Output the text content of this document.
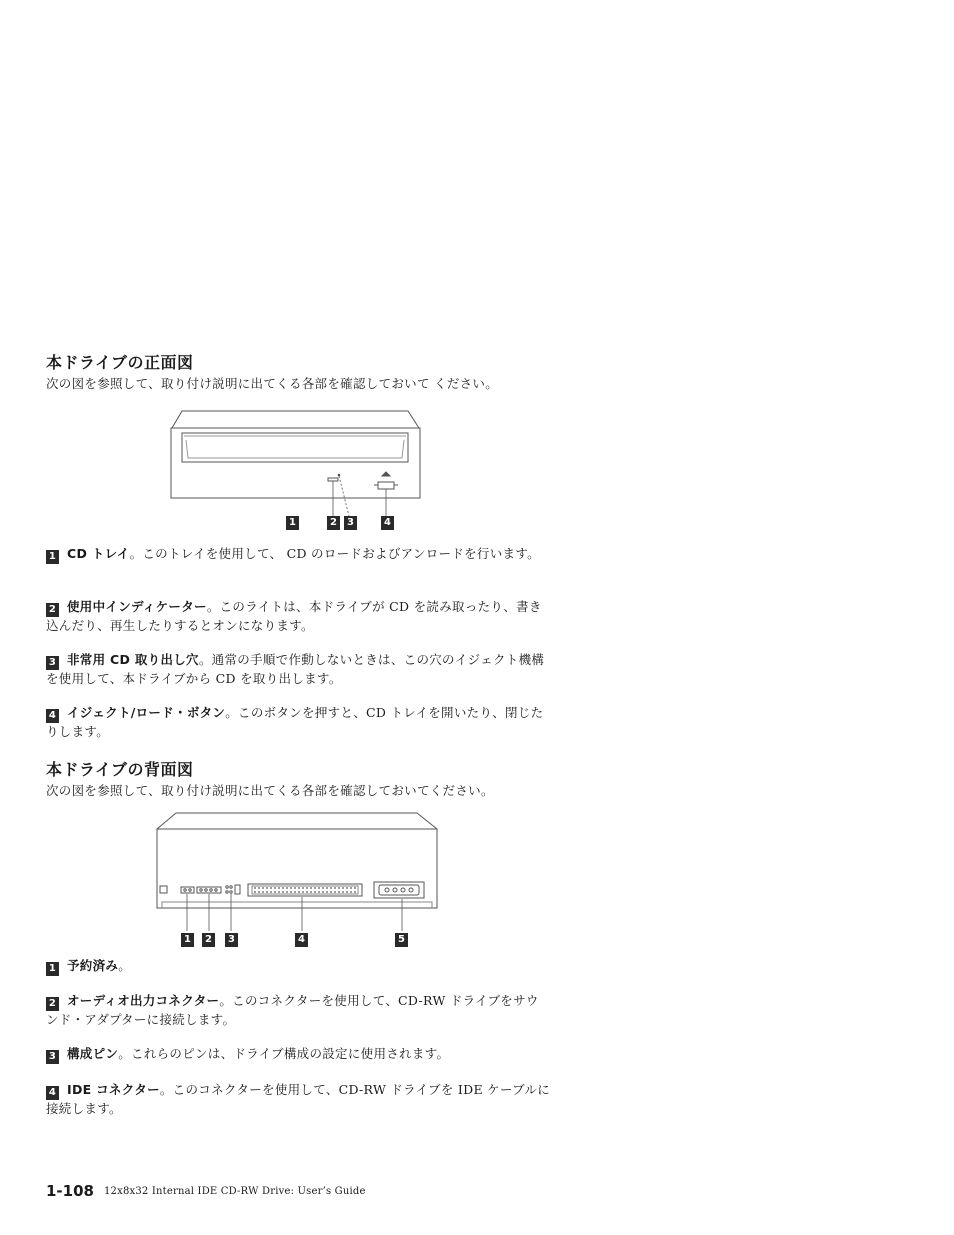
本ドライブの正面図
次の図を参照して、取り付け説明に出てくる各部を確認しておいて ください。
1	2	3	4
1 CD トレイ。このトレイを使用して、 CD のロードおよびアンロードを行います。
2 使用中インディケーター。このライトは、本ドライブが CD を読み取ったり、書き込んだり、再生したりするとオンになります。
3 非常用 CD 取り出し穴。通常の手順で作動しないときは、この穴のイジェクト機構を使用して、本ドライブから CD を取り出します。
4 イジェクト/ロード・ボタン。このボタンを押すと、CD トレイを開いたり、閉じたりします。
本ドライブの背面図
次の図を参照して、取り付け説明に出てくる各部を確認しておいてください。
1	2	3	4	5
1 予約済み。
2 オーディオ出力コネクター。このコネクターを使用して、CD-RW ドライブをサウンド・アダプターに接続します。
3 構成ピン。これらのピンは、ドライブ構成の設定に使用されます。
4 IDE コネクター。このコネクターを使用して、CD-RW ドライブを IDE ケーブルに接続します。
1-108 12x8x32 Internal IDE CD-RW Drive: User’s Guide
